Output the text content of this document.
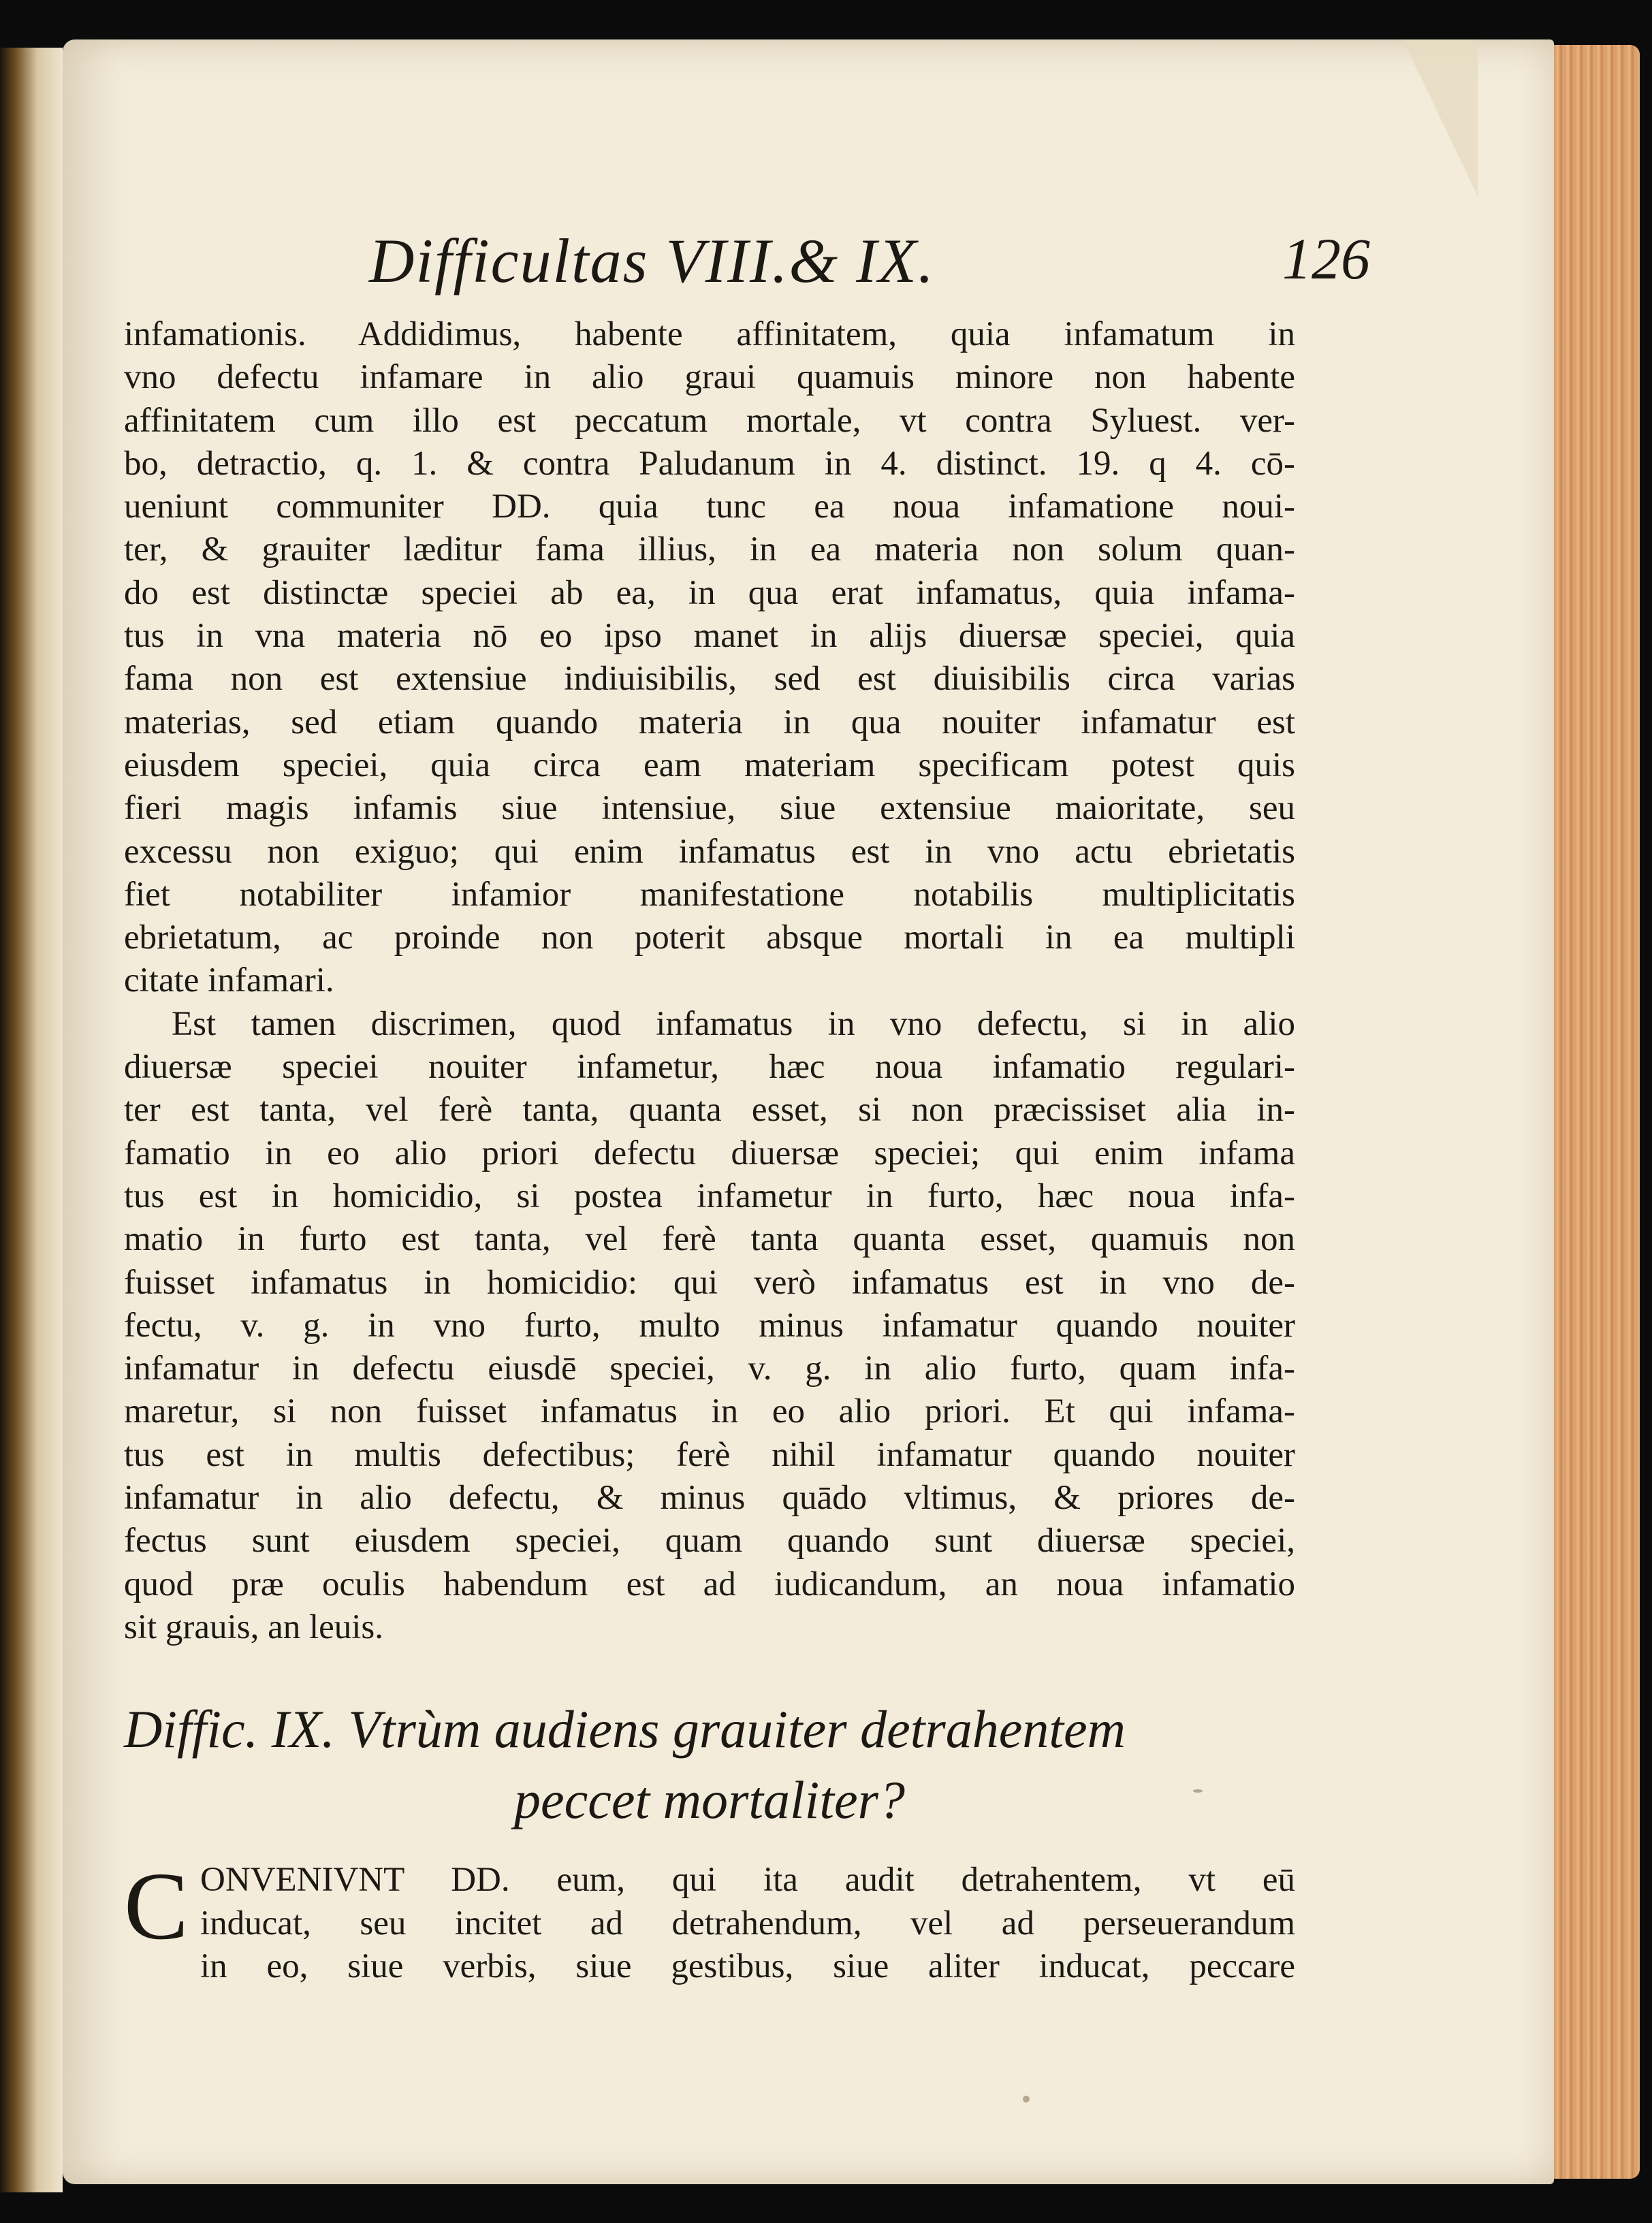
Difficultas VIII.& IX.	126
infamationis. Addidimus, habente affinitatem, quia infamatum in
vno defectu infamare in alio graui quamuis minore non habente
affinitatem cum illo est peccatum mortale, vt contra Syluest. ver-
bo, detractio, q. 1. & contra Paludanum in 4. distinct. 19. q 4. cō-
ueniunt communiter DD. quia tunc ea noua infamatione noui-
ter, & grauiter læditur fama illius, in ea materia non solum quan-
do est distinctæ speciei ab ea, in qua erat infamatus, quia infama-
tus in vna materia nō eo ipso manet in alijs diuersæ speciei, quia
fama non est extensiue indiuisibilis, sed est diuisibilis circa varias
materias, sed etiam quando materia in qua nouiter infamatur est
eiusdem speciei, quia circa eam materiam specificam potest quis
fieri magis infamis siue intensiue, siue extensiue maioritate, seu
excessu non exiguo; qui enim infamatus est in vno actu ebrietatis
fiet notabiliter infamior manifestatione notabilis multiplicitatis
ebrietatum, ac proinde non poterit absque mortali in ea multipli
citate infamari.
Est tamen discrimen, quod infamatus in vno defectu, si in alio
diuersæ speciei nouiter infametur, hæc noua infamatio regulari-
ter est tanta, vel ferè tanta, quanta esset, si non præcissiset alia in-
famatio in eo alio priori defectu diuersæ speciei; qui enim infama
tus est in homicidio, si postea infametur in furto, hæc noua infa-
matio in furto est tanta, vel ferè tanta quanta esset, quamuis non
fuisset infamatus in homicidio: qui verò infamatus est in vno de-
fectu, v. g. in vno furto, multo minus infamatur quando nouiter
infamatur in defectu eiusdē speciei, v. g. in alio furto, quam infa-
maretur, si non fuisset infamatus in eo alio priori. Et qui infama-
tus est in multis defectibus; ferè nihil infamatur quando nouiter
infamatur in alio defectu, & minus quādo vltimus, & priores de-
fectus sunt eiusdem speciei, quam quando sunt diuersæ speciei,
quod præ oculis habendum est ad iudicandum, an noua infamatio
sit grauis, an leuis.
Diffic. IX. Vtrùm audiens grauiter detrahentem
peccet mortaliter?
C ONVENIVNT DD. eum, qui ita audit detrahentem, vt eū
inducat, seu incitet ad detrahendum, vel ad perseuerandum
in eo, siue verbis, siue gestibus, siue aliter inducat, peccare
